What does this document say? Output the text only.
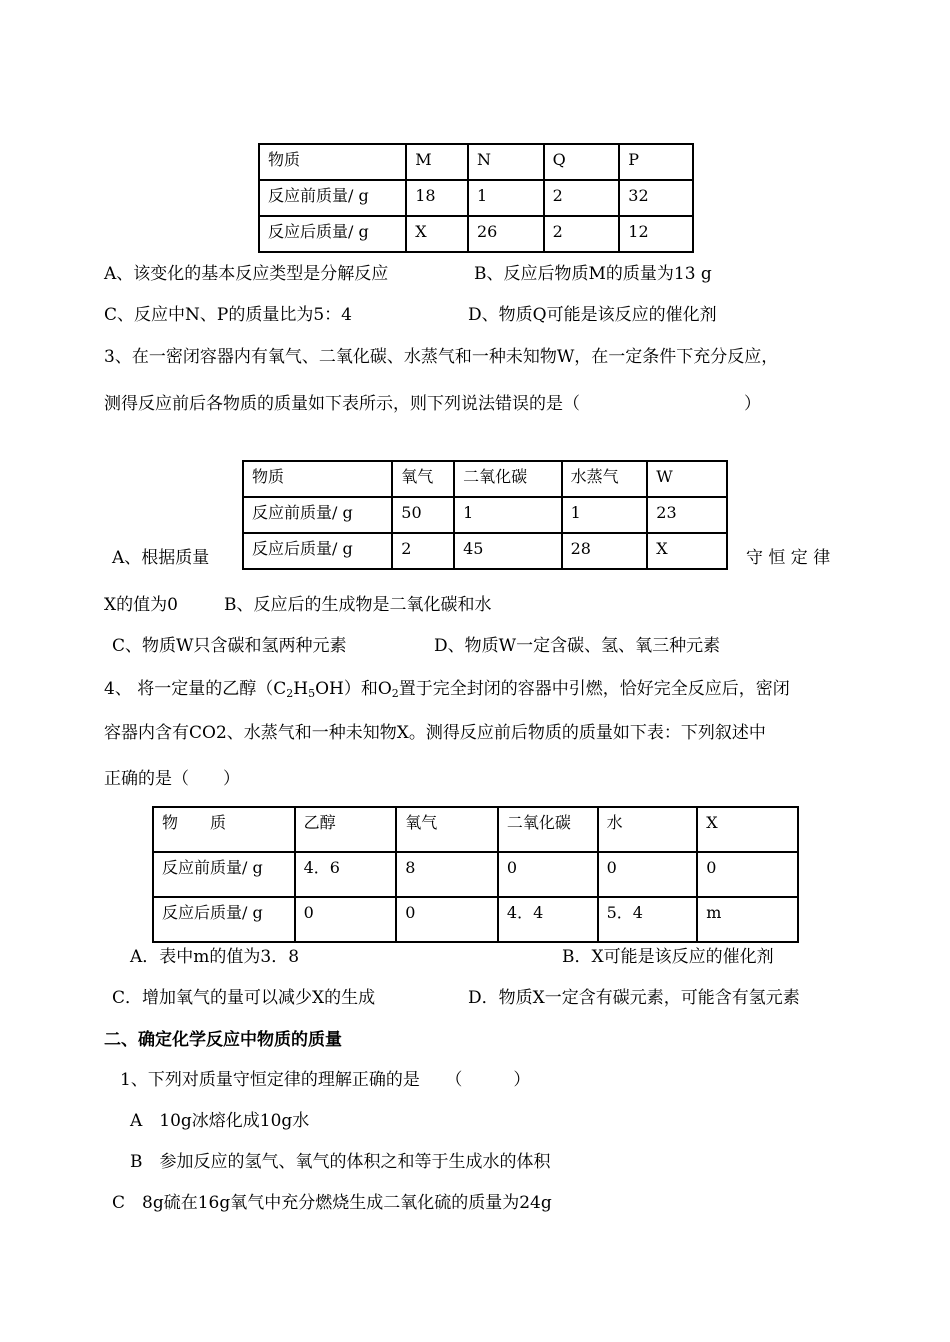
物质	M	N	Q	P

反应前质量/ g	18	1	2	32

反应后质量/ g	X	26	2	12
A、该变化的基本反应类型是分解反应	B、反应后物质M的质量为13 g
C、反应中N、P的质量比为5：4	D、物质Q可能是该反应的催化剂
3、在一密闭容器内有氧气、二氧化碳、水蒸气和一种未知物W，在一定条件下充分反应，
测得反应前后各物质的质量如下表所示，则下列说法错误的是（	）
物质	氧气	二氧化碳	水蒸气	W

反应前质量/ g	50	1	1	23

反应后质量/ g	2	45	28	X
A、根据质量	守 恒 定 律
X的值为0	B、反应后的生成物是二氧化碳和水
C、物质W只含碳和氢两种元素	D、物质W一定含碳、氢、氧三种元素
4、 将一定量的乙醇$(C_2H_5OH)$和$O_2$置于完全封闭的容器中引燃，恰好完全反应后，密闭
容器内含有CO2、水蒸气和一种未知物X。测得反应前后物质的质量如下表：下列叙述中
正确的是（　　）
物　　质	乙醇	氧气	二氧化碳	水	X

反应前质量/ g	4．6	8	0	0	0

反应后质量/ g	0	0	4．4	5．4	m
A．表中m的值为3．8	B．X可能是该反应的催化剂
C．增加氧气的量可以减少X的生成	D．物质X一定含有碳元素，可能含有氢元素
二、确定化学反应中物质的质量
1、下列对质量守恒定律的理解正确的是　　（　　　）
A　10g冰熔化成10g水
B　参加反应的氢气、氧气的体积之和等于生成水的体积
C　8g硫在16g氧气中充分燃烧生成二氧化硫的质量为24g
